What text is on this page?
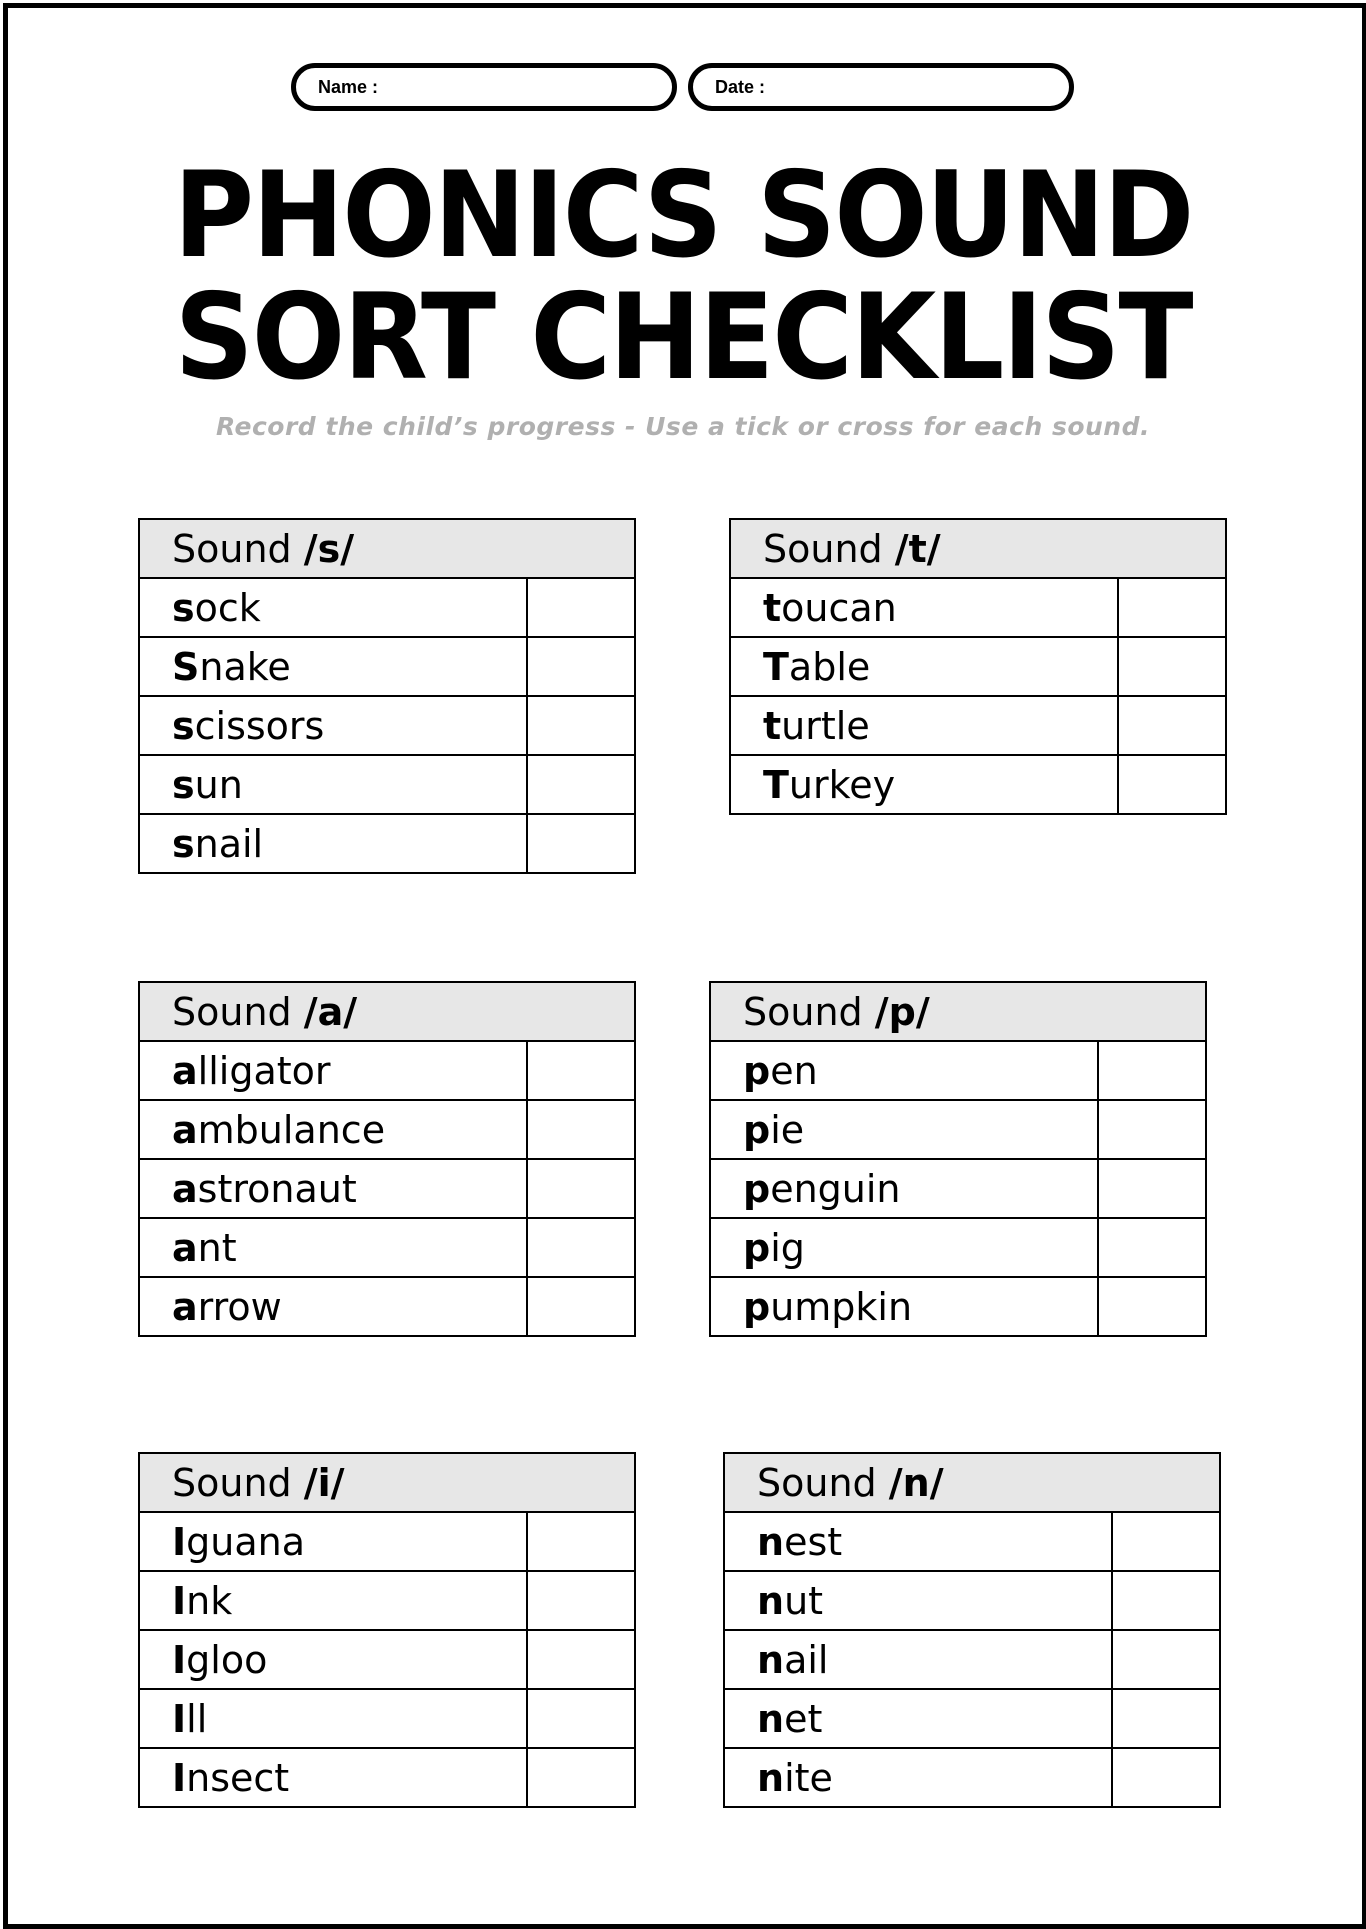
Name :	Date :
PHONICS SOUND
SORT CHECKLIST
Record the child’s progress - Use a tick or cross for each sound.
Sound /s/	
sock	
Snake	
scissors	
sun	
snail	
Sound /t/	
toucan	
Table	
turtle	
Turkey	
Sound /a/	
alligator	
ambulance	
astronaut	
ant	
arrow	
Sound /p/	
pen	
pie	
penguin	
pig	
pumpkin	
Sound /i/	
Iguana	
Ink	
Igloo	
Ill	
Insect	
Sound /n/	
nest	
nut	
nail	
net	
nite	
